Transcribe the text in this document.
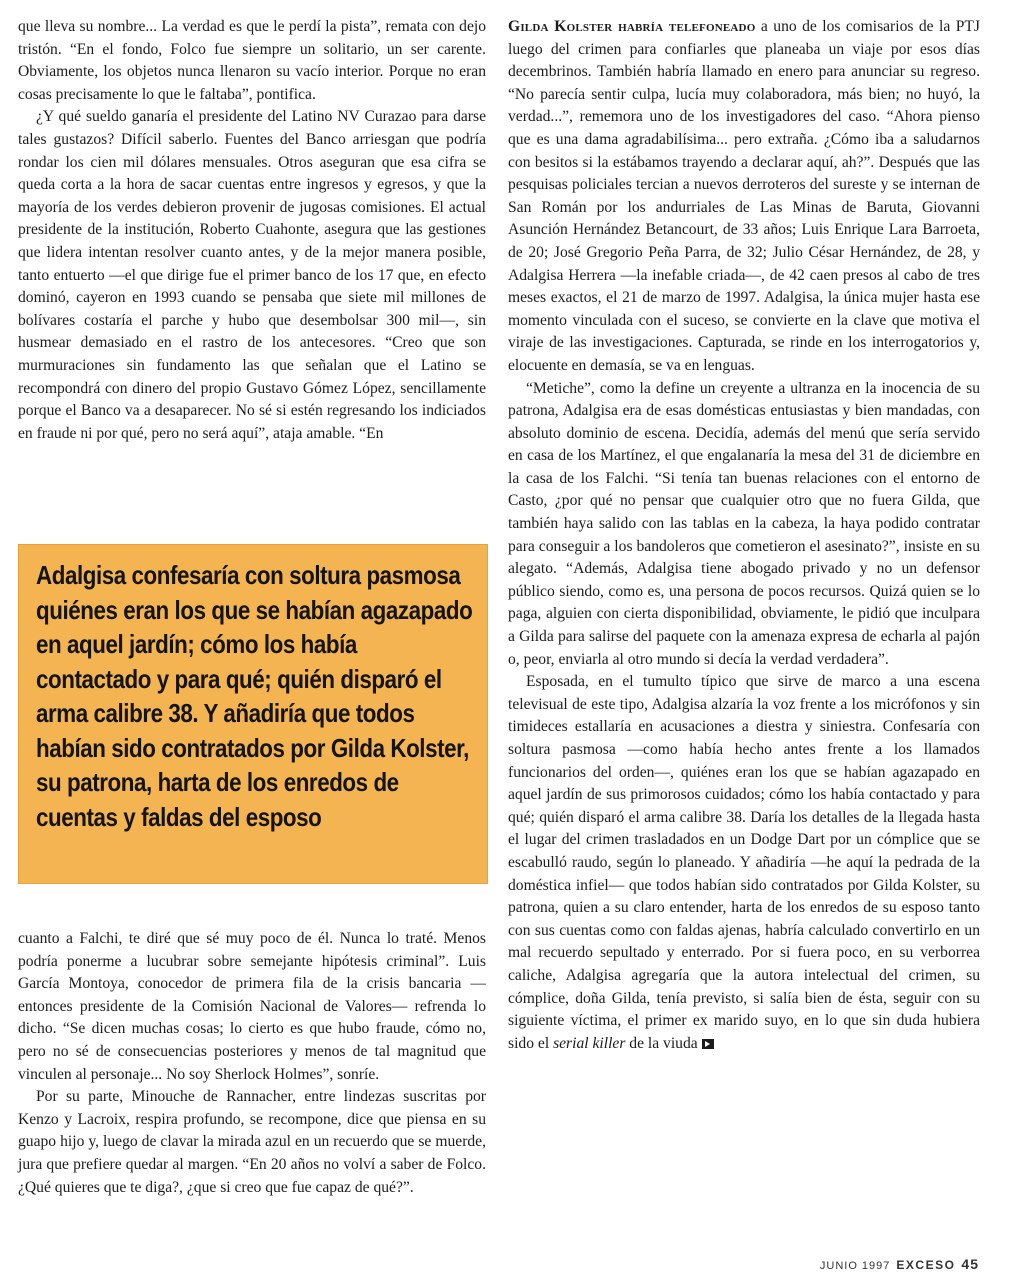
que lleva su nombre... La verdad es que le perdí la pista”, remata con dejo tristón. “En el fondo, Folco fue siempre un solitario, un ser carente. Obviamente, los objetos nunca llenaron su vacío interior. Porque no eran cosas precisamente lo que le faltaba”, pontifica.

¿Y qué sueldo ganaría el presidente del Latino NV Curazao para darse tales gustazos? Difícil saberlo. Fuentes del Banco arriesgan que podría rondar los cien mil dólares mensuales. Otros aseguran que esa cifra se queda corta a la hora de sacar cuentas entre ingresos y egresos, y que la mayoría de los verdes debieron provenir de jugosas comisiones. El actual presidente de la institución, Roberto Cuahonte, asegura que las gestiones que lidera intentan resolver cuanto antes, y de la mejor manera posible, tanto entuerto —el que dirige fue el primer banco de los 17 que, en efecto dominó, cayeron en 1993 cuando se pensaba que siete mil millones de bolívares costaría el parche y hubo que desembolsar 300 mil—, sin husmear demasiado en el rastro de los antecesores. “Creo que son murmuraciones sin fundamento las que señalan que el Latino se recompondrá con dinero del propio Gustavo Gómez López, sencillamente porque el Banco va a desaparecer. No sé si estén regresando los indiciados en fraude ni por qué, pero no será aquí”, ataja amable. “En

Adalgisa confesaría con soltura pasmosa quiénes eran los que se habían agazapado en aquel jardín; cómo los había contactado y para qué; quién disparó el arma calibre 38. Y añadiría que todos habían sido contratados por Gilda Kolster, su patrona, harta de los enredos de cuentas y faldas del esposo

cuanto a Falchi, te diré que sé muy poco de él. Nunca lo traté. Menos podría ponerme a lucubrar sobre semejante hipótesis criminal”. Luis García Montoya, conocedor de primera fila de la crisis bancaria —entonces presidente de la Comisión Nacional de Valores— refrenda lo dicho. “Se dicen muchas cosas; lo cierto es que hubo fraude, cómo no, pero no sé de consecuencias posteriores y menos de tal magnitud que vinculen al personaje... No soy Sherlock Holmes”, sonríe.

Por su parte, Minouche de Rannacher, entre lindezas suscritas por Kenzo y Lacroix, respira profundo, se recompone, dice que piensa en su guapo hijo y, luego de clavar la mirada azul en un recuerdo que se muerde, jura que prefiere quedar al margen. “En 20 años no volví a saber de Folco. ¿Qué quieres que te diga?, ¿que si creo que fue capaz de qué?”.

Gilda Kolster habría telefoneado a uno de los comisarios de la PTJ luego del crimen para confiarles que planeaba un viaje por esos días decembrinos. También habría llamado en enero para anunciar su regreso. “No parecía sentir culpa, lucía muy colaboradora, más bien; no huyó, la verdad...”, rememora uno de los investigadores del caso. “Ahora pienso que es una dama agradabilísima... pero extraña. ¿Cómo iba a saludarnos con besitos si la estábamos trayendo a declarar aquí, ah?”. Después que las pesquisas policiales tercian a nuevos derroteros del sureste y se internan de San Román por los andurriales de Las Minas de Baruta, Giovanni Asunción Hernández Betancourt, de 33 años; Luis Enrique Lara Barroeta, de 20; José Gregorio Peña Parra, de 32; Julio César Hernández, de 28, y Adalgisa Herrera —la inefable criada—, de 42 caen presos al cabo de tres meses exactos, el 21 de marzo de 1997. Adalgisa, la única mujer hasta ese momento vinculada con el suceso, se convierte en la clave que motiva el viraje de las investigaciones. Capturada, se rinde en los interrogatorios y, elocuente en demasía, se va en lenguas.

“Metiche”, como la define un creyente a ultranza en la inocencia de su patrona, Adalgisa era de esas domésticas entusiastas y bien mandadas, con absoluto dominio de escena. Decidía, además del menú que sería servido en casa de los Martínez, el que engalanaría la mesa del 31 de diciembre en la casa de los Falchi. “Si tenía tan buenas relaciones con el entorno de Casto, ¿por qué no pensar que cualquier otro que no fuera Gilda, que también haya salido con las tablas en la cabeza, la haya podido contratar para conseguir a los bandoleros que cometieron el asesinato?”, insiste en su alegato. “Además, Adalgisa tiene abogado privado y no un defensor público siendo, como es, una persona de pocos recursos. Quizá quien se lo paga, alguien con cierta disponibilidad, obviamente, le pidió que inculpara a Gilda para salirse del paquete con la amenaza expresa de echarla al pajón o, peor, enviarla al otro mundo si decía la verdad verdadera”.

Esposada, en el tumulto típico que sirve de marco a una escena televisual de este tipo, Adalgisa alzaría la voz frente a los micrófonos y sin timideces estallaría en acusaciones a diestra y siniestra. Confesaría con soltura pasmosa —como había hecho antes frente a los llamados funcionarios del orden—, quiénes eran los que se habían agazapado en aquel jardín de sus primorosos cuidados; cómo los había contactado y para qué; quién disparó el arma calibre 38. Daría los detalles de la llegada hasta el lugar del crimen trasladados en un Dodge Dart por un cómplice que se escabulló raudo, según lo planeado. Y añadiría —he aquí la pedrada de la doméstica infiel— que todos habían sido contratados por Gilda Kolster, su patrona, quien a su claro entender, harta de los enredos de su esposo tanto con sus cuentas como con faldas ajenas, habría calculado convertirlo en un mal recuerdo sepultado y enterrado. Por si fuera poco, en su verborrea caliche, Adalgisa agregaría que la autora intelectual del crimen, su cómplice, doña Gilda, tenía previsto, si salía bien de ésta, seguir con su siguiente víctima, el primer ex marido suyo, en lo que sin duda hubiera sido el serial killer de la viuda

JUNIO 1997 EXCESO 45
